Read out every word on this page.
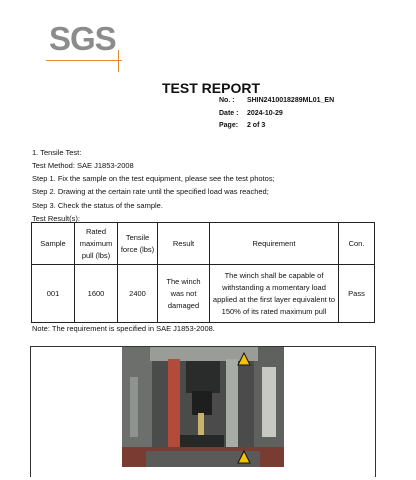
SGS
TEST REPORT
No. : SHIN2410018289ML01_EN
Date : 2024-10-29
Page: 2 of 3
1. Tensile Test:
Test Method: SAE J1853-2008
Step 1. Fix the sample on the test equipment, please see the test photos;
Step 2. Drawing at the certain rate until the specified load was reached;
Step 3. Check the status of the sample.
Test Result(s):
Sample	Rated maximum pull (lbs)	Tensile force (lbs)	Result	Requirement	Con.
001	1600	2400	The winch was not damaged	The winch shall be capable of withstanding a momentary load applied at the first layer equivalent to 150% of its rated maximum pull	Pass
Note: The requirement is specified in SAE J1853-2008.
